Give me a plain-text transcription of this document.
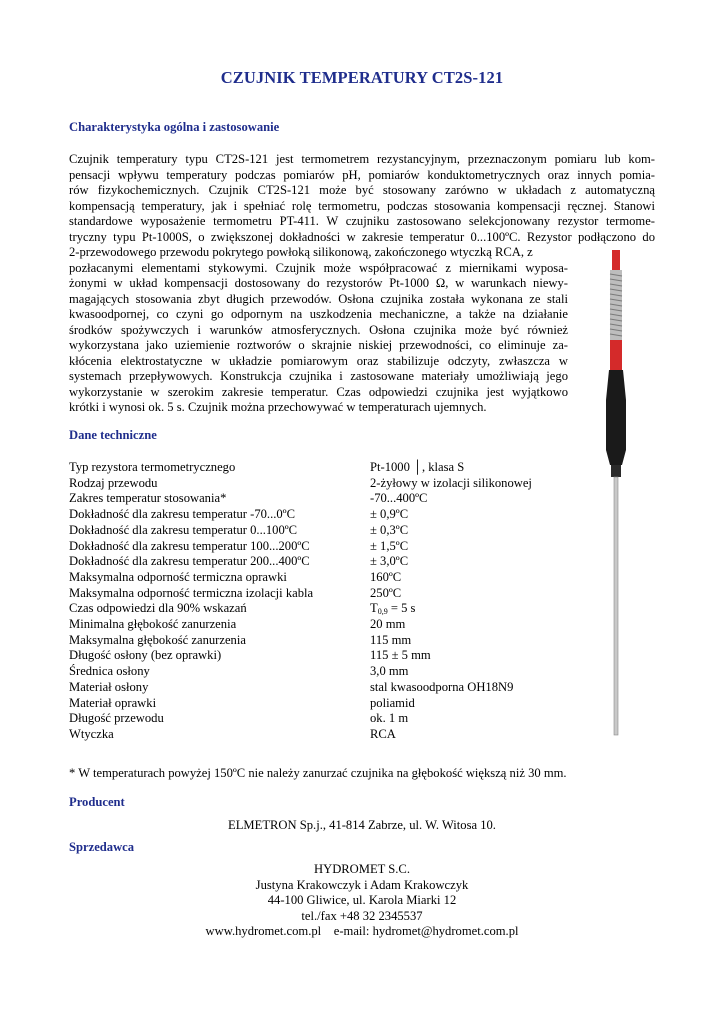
CZUJNIK TEMPERATURY CT2S-121
Charakterystyka ogólna i zastosowanie
Czujnik temperatury typu CT2S-121 jest termometrem rezystancyjnym, przeznaczonym pomiaru lub kom-
pensacji wpływu temperatury podczas pomiarów pH, pomiarów konduktometrycznych oraz innych pomia-
rów fizykochemicznych. Czujnik CT2S-121 może być stosowany zarówno w układach z automatyczną
kompensacją temperatury, jak i spełniać rolę termometru, podczas stosowania kompensacji ręcznej. Stanowi
standardowe wyposażenie termometru PT-411. W czujniku zastosowano selekcjonowany rezystor termome-
tryczny typu Pt-1000S, o zwiększonej dokładności w zakresie temperatur 0...100ºC. Rezystor podłączono do
2-przewodowego przewodu pokrytego powłoką silikonową, zakończonego wtyczką RCA, z
pozłacanymi elementami stykowymi. Czujnik może współpracować z miernikami wyposa-
żonymi w układ kompensacji dostosowany do rezystorów Pt-1000 Ω, w warunkach niewy-
magających stosowania zbyt długich przewodów. Osłona czujnika została wykonana ze stali
kwasoodpornej, co czyni go odpornym na uszkodzenia mechaniczne, a także na działanie
środków spożywczych i warunków atmosferycznych. Osłona czujnika może być również
wykorzystana jako uziemienie roztworów o skrajnie niskiej przewodności, co eliminuje za-
kłócenia elektrostatyczne w układzie pomiarowym oraz stabilizuje odczyty, zwłaszcza w
systemach przepływowych. Konstrukcja czujnika i zastosowane materiały umożliwiają jego
wykorzystanie w szerokim zakresie temperatur. Czas odpowiedzi czujnika jest wyjątkowo
krótki i wynosi ok. 5 s. Czujnik można przechowywać w temperaturach ujemnych.
Dane techniczne
Typ rezystora termometrycznego	Pt-1000 │, klasa S
Rodzaj przewodu	2-żyłowy w izolacji silikonowej
Zakres temperatur stosowania*	-70...400ºC
Dokładność dla zakresu temperatur -70...0ºC	± 0,9ºC
Dokładność dla zakresu temperatur 0...100ºC	± 0,3ºC
Dokładność dla zakresu temperatur 100...200ºC	± 1,5ºC
Dokładność dla zakresu temperatur 200...400ºC	± 3,0ºC
Maksymalna odporność termiczna oprawki	160ºC
Maksymalna odporność termiczna izolacji kabla	250ºC
Czas odpowiedzi dla 90% wskazań	$T_{0,9} = 5$ s
Minimalna głębokość zanurzenia	20 mm
Maksymalna głębokość zanurzenia	115 mm
Długość osłony (bez oprawki)	115 ± 5 mm
Średnica osłony	3,0 mm
Materiał osłony	stal kwasoodporna OH18N9
Materiał oprawki	poliamid
Długość przewodu	ok. 1 m
Wtyczka	RCA
* W temperaturach powyżej 150ºC nie należy zanurzać czujnika na głębokość większą niż 30 mm.
Producent
ELMETRON Sp.j., 41-814 Zabrze, ul. W. Witosa 10.
Sprzedawca
HYDROMET S.C.
Justyna Krakowczyk i Adam Krakowczyk
44-100 Gliwice, ul. Karola Miarki 12
tel./fax +48 32 2345537
www.hydromet.com.pl    e-mail: hydromet@hydromet.com.pl
